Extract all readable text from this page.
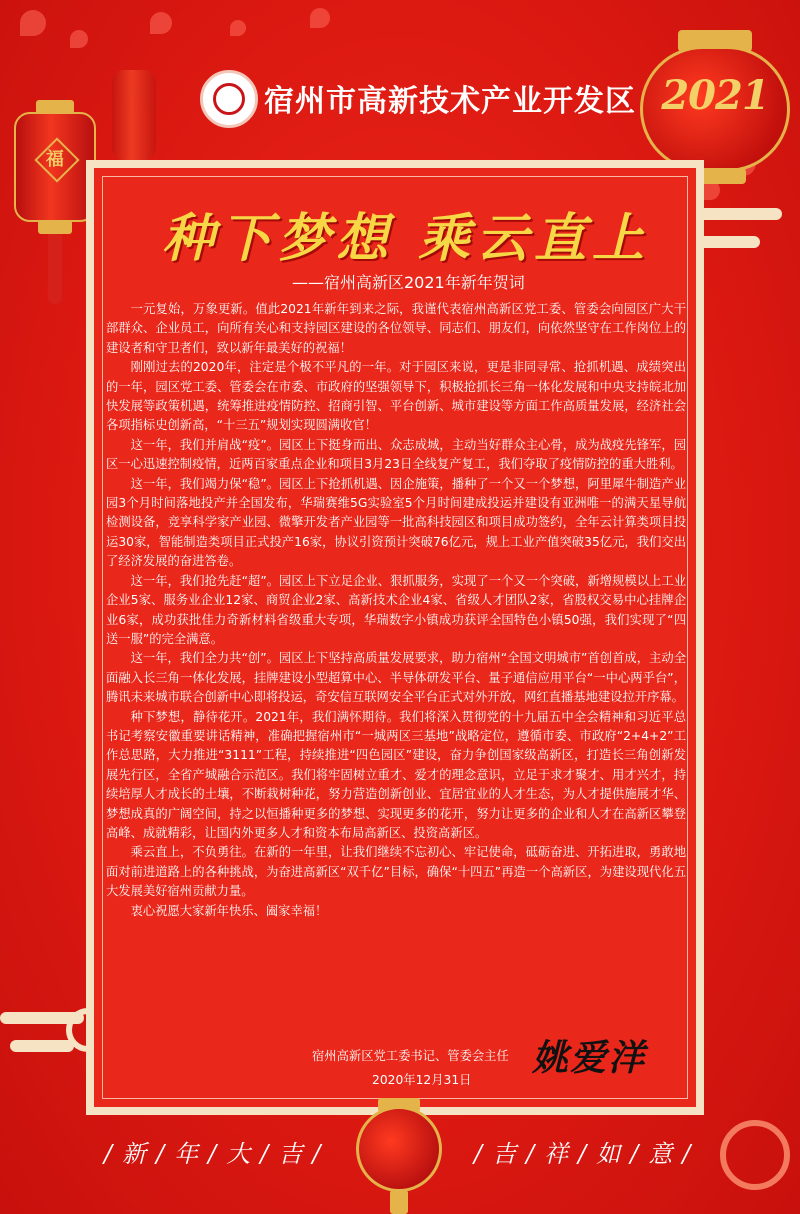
宿州市高新技术产业开发区
福
2021
种下梦想 乘云直上
——宿州高新区2021年新年贺词

一元复始，万象更新。值此2021年新年到来之际，我谨代表宿州高新区党工委、管委会向园区广大干部群众、企业员工，向所有关心和支持园区建设的各位领导、同志们、朋友们，向依然坚守在工作岗位上的建设者和守卫者们，致以新年最美好的祝福！

刚刚过去的2020年，注定是个极不平凡的一年。对于园区来说，更是非同寻常、抢抓机遇、成绩突出的一年，园区党工委、管委会在市委、市政府的坚强领导下，积极抢抓长三角一体化发展和中央支持皖北加快发展等政策机遇，统筹推进疫情防控、招商引智、平台创新、城市建设等方面工作高质量发展，经济社会各项指标史创新高，“十三五”规划实现圆满收官！

这一年，我们并肩战“疫”。园区上下挺身而出、众志成城，主动当好群众主心骨，成为战疫先锋军，园区一心迅速控制疫情，近两百家重点企业和项目3月23日全线复产复工，我们夺取了疫情防控的重大胜利。

这一年，我们竭力保“稳”。园区上下抢抓机遇、因企施策，播种了一个又一个梦想，阿里犀牛制造产业园3个月时间落地投产并全国发布，华瑞赛维5G实验室5个月时间建成投运并建设有亚洲唯一的满天星导航检测设备，竞享科学家产业园、微擎开发者产业园等一批高科技园区和项目成功签约，全年云计算类项目投运30家，智能制造类项目正式投产16家，协议引资预计突破76亿元，规上工业产值突破35亿元，我们交出了经济发展的奋进答卷。

这一年，我们抢先赶“超”。园区上下立足企业、狠抓服务，实现了一个又一个突破，新增规模以上工业企业5家、服务业企业12家、商贸企业2家、高新技术企业4家、省级人才团队2家，省股权交易中心挂牌企业6家，成功获批佳力奇新材料省级重大专项，华瑞数字小镇成功获评全国特色小镇50强，我们实现了“四送一服”的完全满意。

这一年，我们全力共“创”。园区上下坚持高质量发展要求，助力宿州“全国文明城市”首创首成，主动全面融入长三角一体化发展，挂牌建设小型超算中心、半导体研发平台、量子通信应用平台“一中心两乎台”，腾讯未来城市联合创新中心即将投运，奇安信互联网安全平台正式对外开放，网红直播基地建设拉开序幕。

种下梦想，静待花开。2021年，我们满怀期待。我们将深入贯彻党的十九届五中全会精神和习近平总书记考察安徽重要讲话精神，准确把握宿州市“一城两区三基地”战略定位，遵循市委、市政府“2+4+2”工作总思路，大力推进“3111”工程，持续推进“四色园区”建设，奋力争创国家级高新区，打造长三角创新发展先行区，全省产城融合示范区。我们将牢固树立重才、爱才的理念意识，立足于求才聚才、用才兴才，持续培厚人才成长的土壤，不断栽树种花，努力营造创新创业、宜居宜业的人才生态，为人才提供施展才华、梦想成真的广阔空间，持之以恒播种更多的梦想、实现更多的花开，努力让更多的企业和人才在高新区攀登高峰、成就精彩，让国内外更多人才和资本布局高新区、投资高新区。

乘云直上，不负勇往。在新的一年里，让我们继续不忘初心、牢记使命，砥砺奋进、开拓进取，勇敢地面对前进道路上的各种挑战，为奋进高新区“双千亿”目标，确保“十四五”再造一个高新区，为建设现代化五大发展美好宿州贡献力量。

衷心祝愿大家新年快乐、阖家幸福！

宿州高新区党工委书记、管委会主任 姚爱洋
2020年12月31日
/新/年/大/吉/	/吉/祥/如/意/
